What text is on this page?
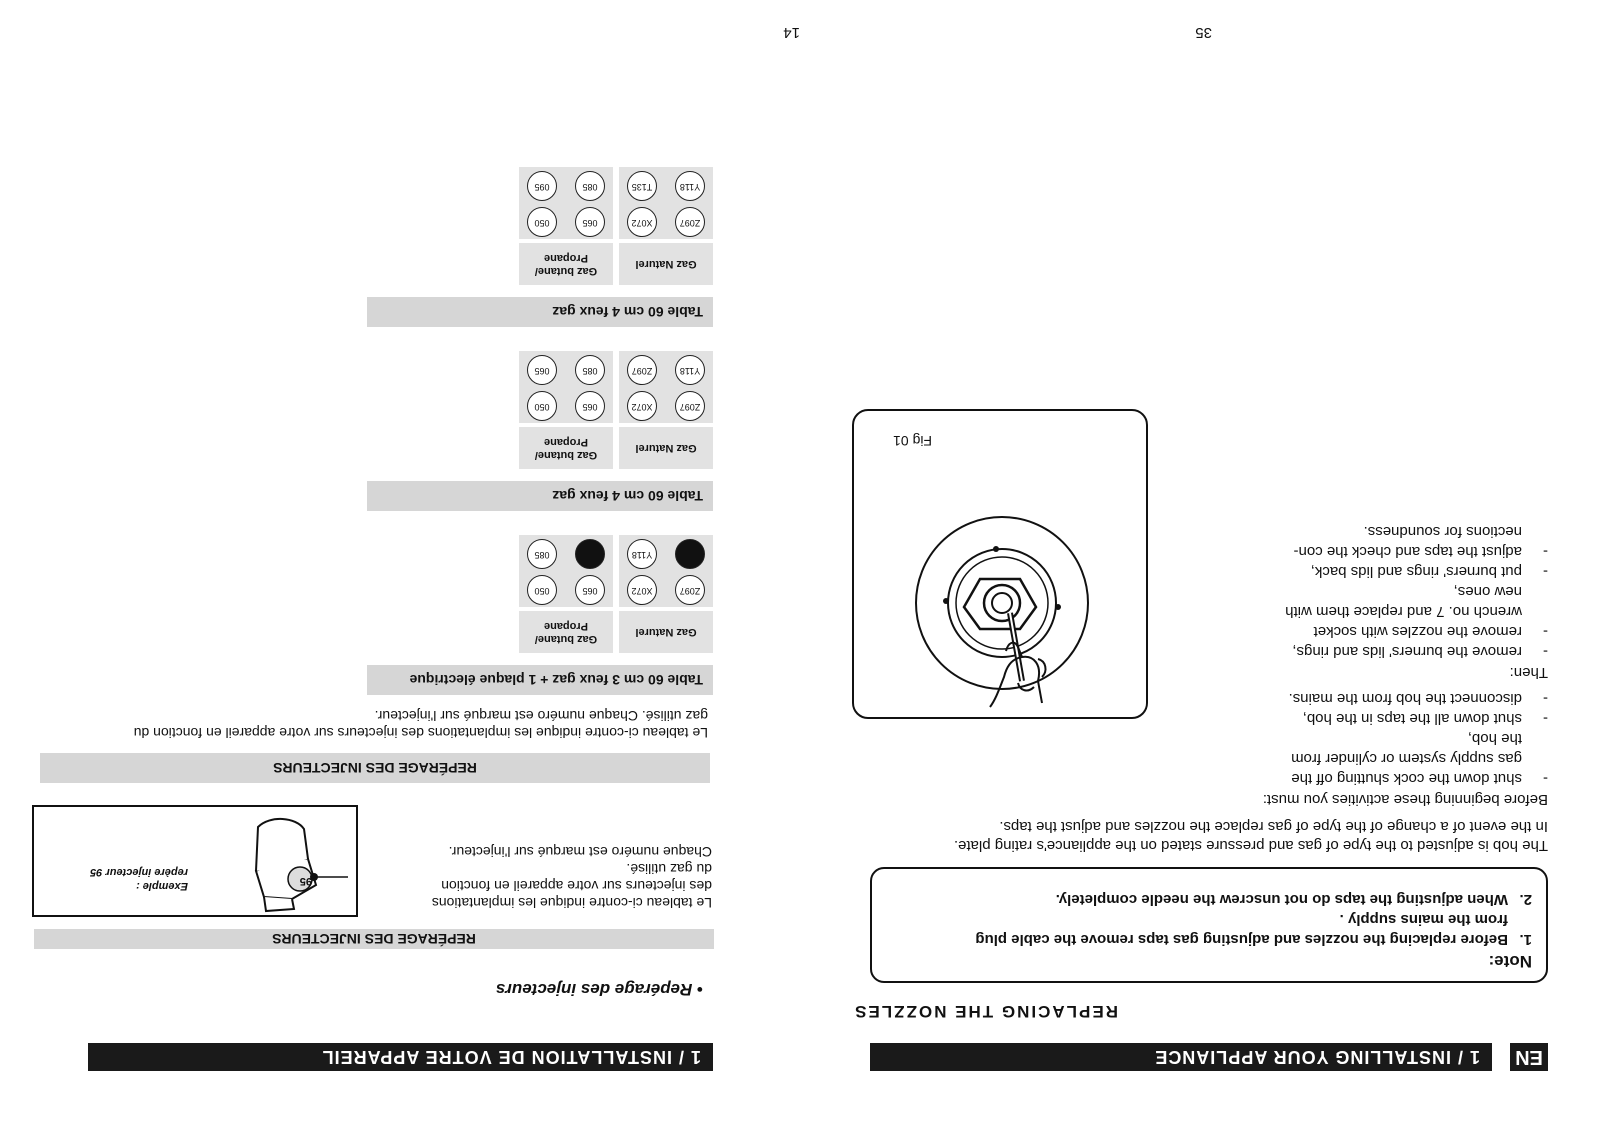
35
1 / INSTALLING YOUR APPLIANCE	EN
REPLACING THE NOZZLES
Note:
1.
Before replacing the nozzles and adjusting gas taps remove the cable plug
from the mains supply .
2.
When adjusting the taps do not unscrew the needle completely.
The hob is adjusted to the type of gas and pressure stated on the appliance's rating plate.
In the event of a change of the type of gas replace the nozzles and adjust the taps.
Before beginning these activities you must:
-
shut down the cock shutting off the
gas supply system or cylinder from
the hob,
-
shut down all the taps in the hob,
-
disconnect the hob from the mains.
Then:
-
remove the burners' lids and rings,
-
remove the nozzles with socket
wrench no. 7 and replace them with
new ones,
-
put burners' rings and lids back,
-
adjust the taps and check the con-
nections for soundness.
Fig 01
14
1 / INSTALLATION DE VOTRE APPAREIL
• Repérage des injecteurs
REPÉRAGE DES INJECTEURS
Le tableau ci-contre indique les implantations
des injecteurs sur votre appareil en fonction
du gaz utilisé.
Chaque numéro est marqué sur l'injecteur.
95
Exemple :
repère injecteur 95
REPÉRAGE DES INJECTEURS
Le tableau ci-contre indique les implantations des injecteurs sur votre appareil en fonction du
gaz utilisé. Chaque numéro est marqué sur l'injecteur.
Table 60 cm 3 feux gaz + 1 plaque électrique
Gaz Naturel
Gaz butane/ Propane
Z097
X072
Y118
065
050
085
Table 60 cm 4 feux gaz
Gaz Naturel
Gaz butane/ Propane
Z097
X072
Y118
Z097
065
050
085
065
Table 60 cm 4 feux gaz
Gaz Naturel
Gaz butane/ Propane
Z097
X072
Y118
T135
065
050
085
095
